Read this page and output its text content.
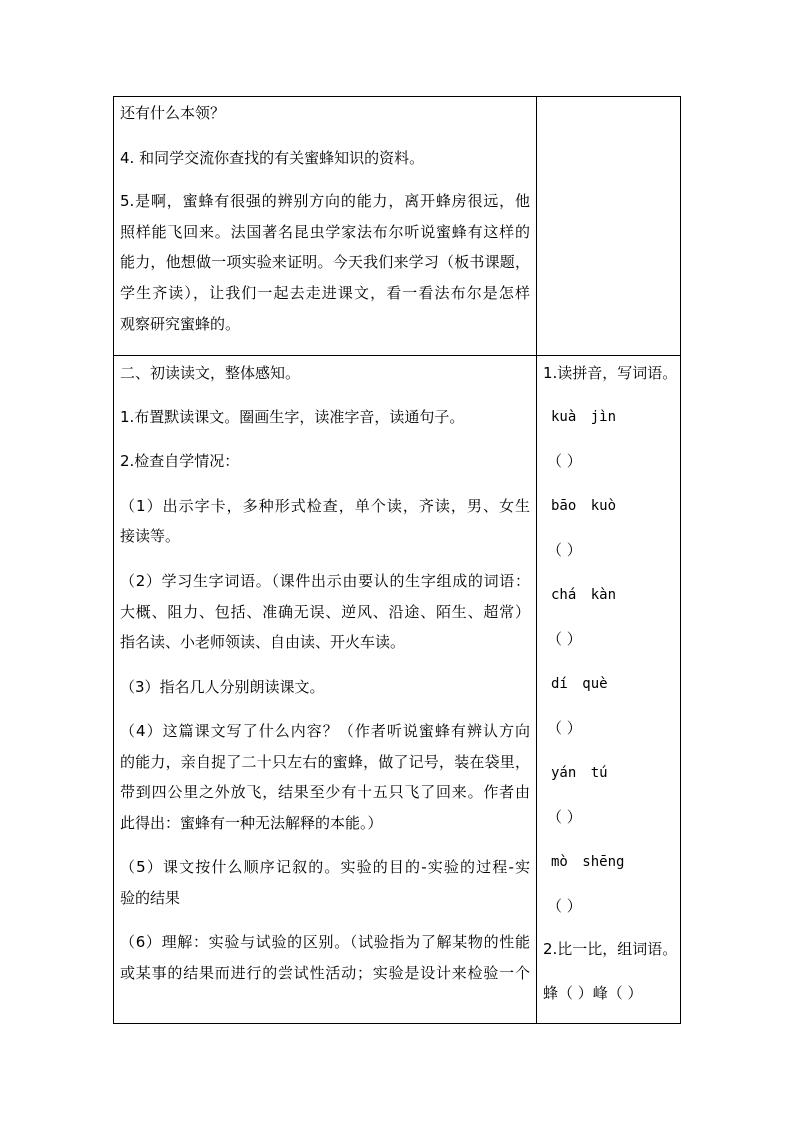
还有什么本领？

4. 和同学交流你查找的有关蜜蜂知识的资料。

5.是啊，蜜蜂有很强的辨别方向的能力，离开蜂房很远，他

照样能飞回来。法国著名昆虫学家法布尔听说蜜蜂有这样的

能力，他想做一项实验来证明。今天我们来学习（板书课题，

学生齐读），让我们一起去走进课文，看一看法布尔是怎样

观察研究蜜蜂的。

二、初读读文，整体感知。

1.布置默读课文。圈画生字，读准字音，读通句子。

2.检查自学情况：

（1）出示字卡，多种形式检查，单个读，齐读，男、女生

接读等。

（2）学习生字词语。（课件出示由要认的生字组成的词语：

大概、阻力、包括、准确无误、逆风、沿途、陌生、超常）

指名读、小老师领读、自由读、开火车读。

（3）指名几人分别朗读课文。

（4）这篇课文写了什么内容？（作者听说蜜蜂有辨认方向

的能力，亲自捉了二十只左右的蜜蜂，做了记号，装在袋里，

带到四公里之外放飞，结果至少有十五只飞了回来。作者由

此得出：蜜蜂有一种无法解释的本能。）

（5）课文按什么顺序记叙的。实验的目的-实验的过程-实

验的结果

（6）理解：实验与试验的区别。（试验指为了解某物的性能

或某事的结果而进行的尝试性活动；实验是设计来检验一个

1.读拼音，写词语。

kuà jìn

（ ）

bāo kuò

（ ）

chá kàn

（ ）

dí què

（ ）

yán tú

（ ）

mò shēng

（ ）

2.比一比，组词语。

蜂（ ）峰（ ）
